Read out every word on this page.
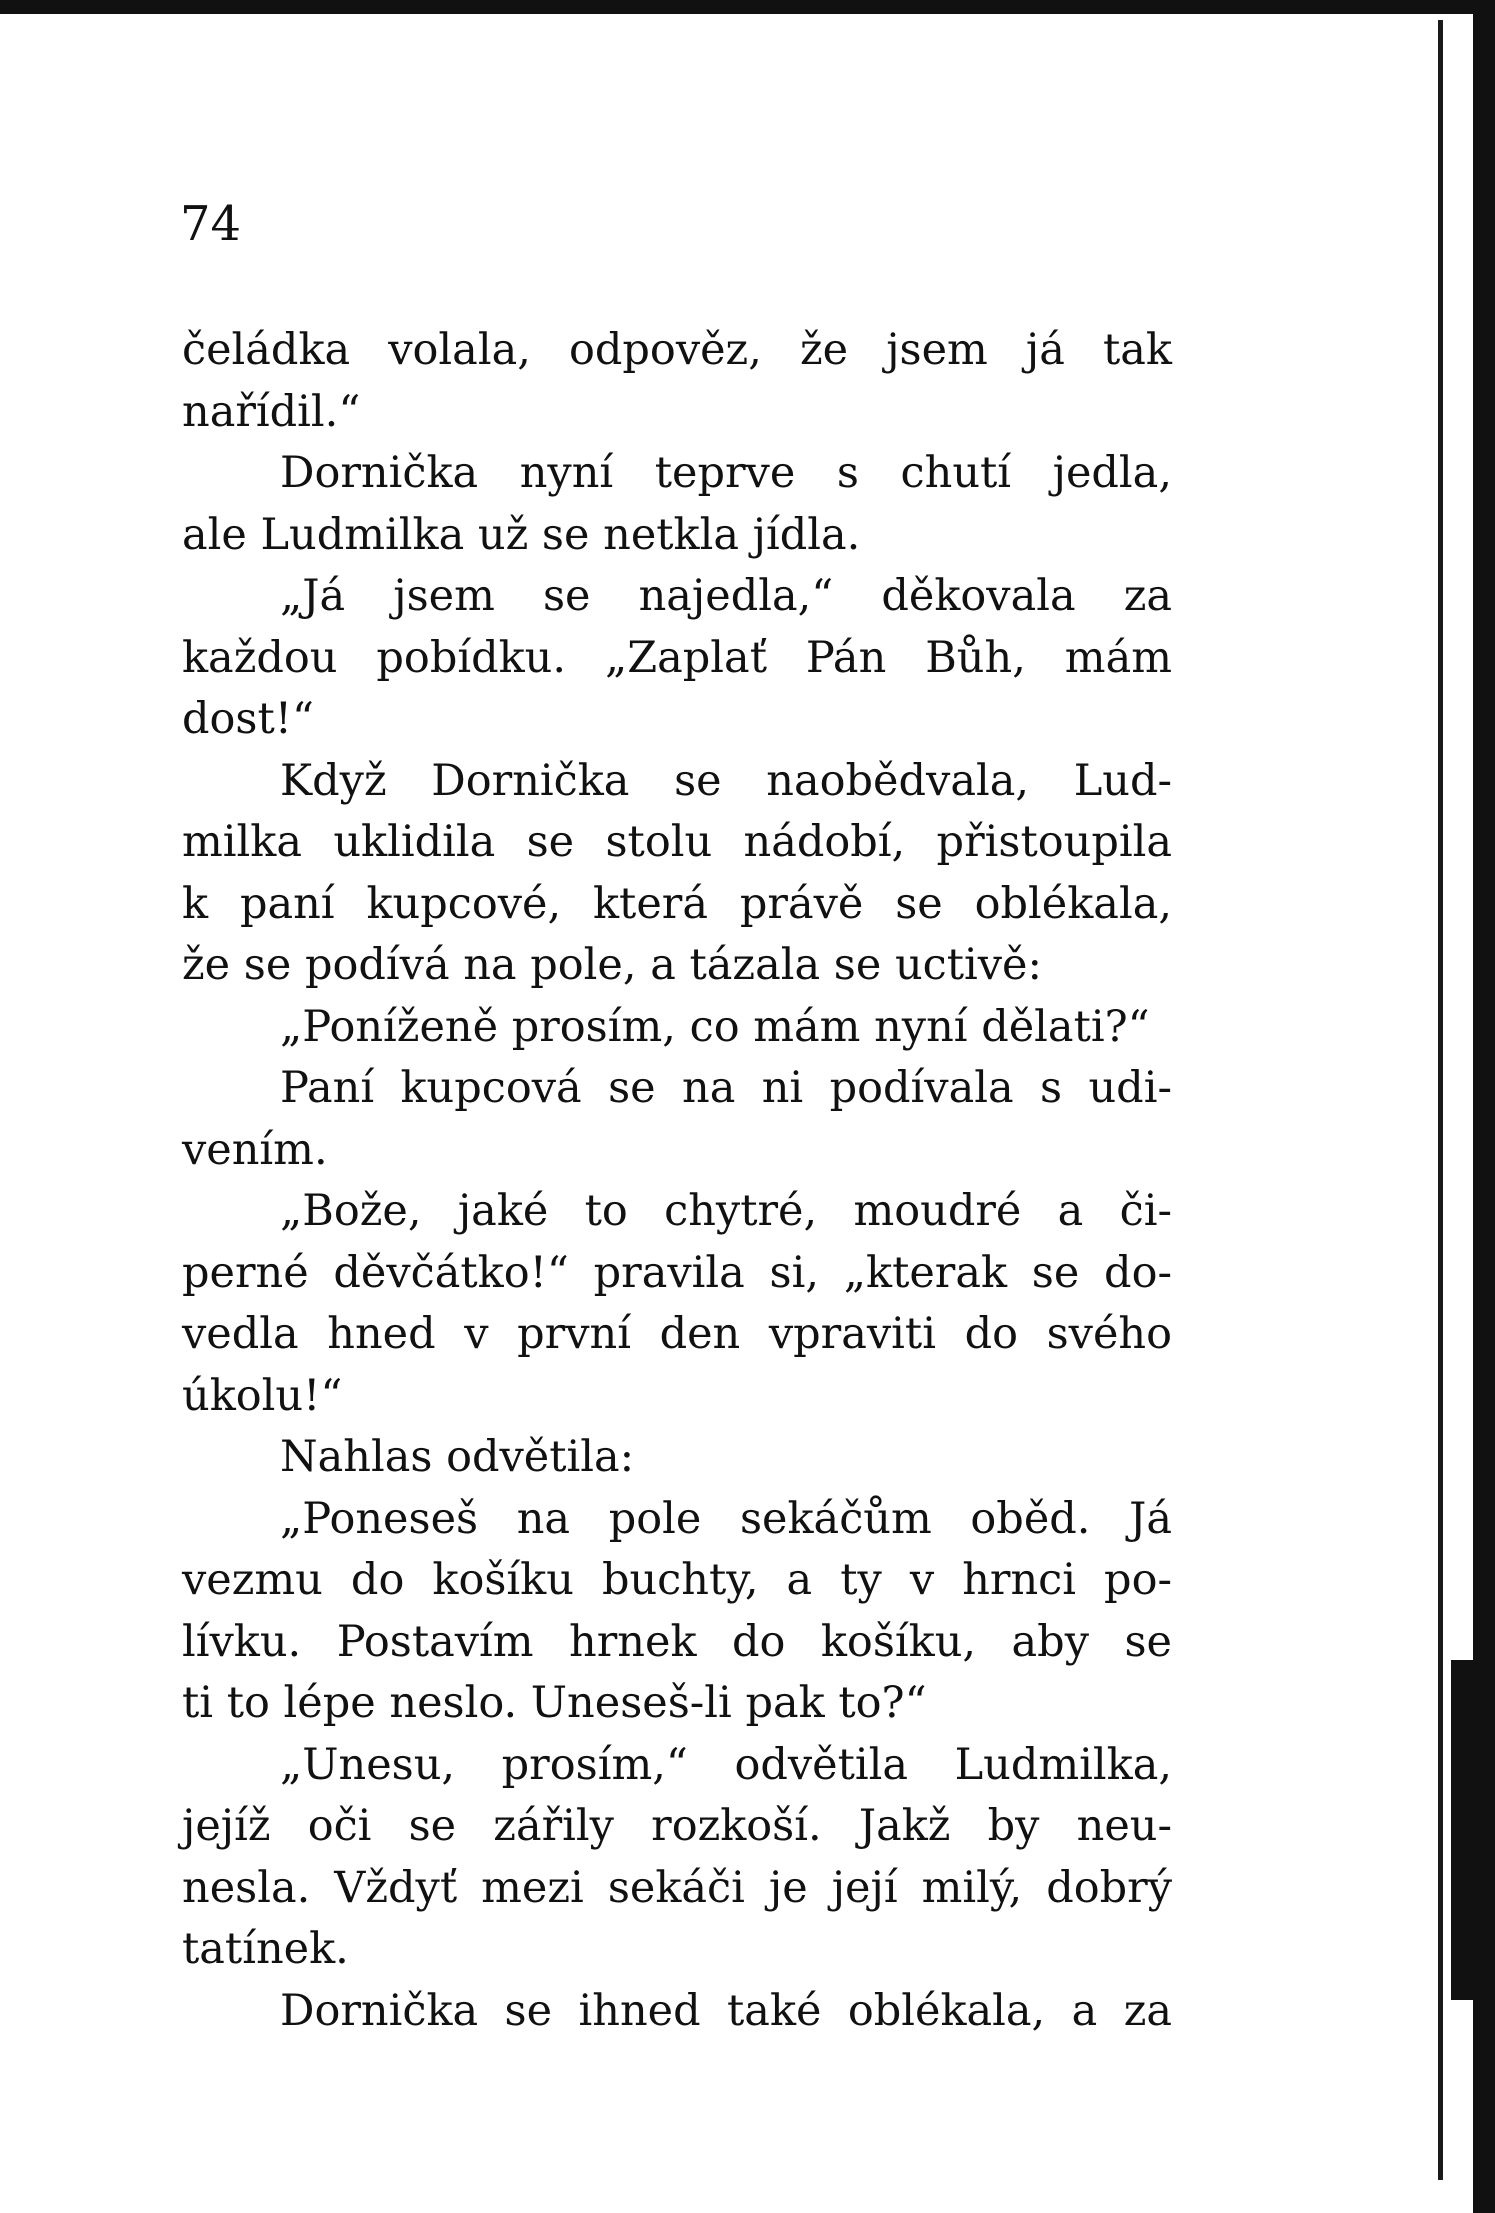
74
čeládka volala, odpověz, že jsem já tak
nařídil.“
Dornička nyní teprve s chutí jedla,
ale Ludmilka už se netkla jídla.
„Já jsem se najedla,“ děkovala za
každou pobídku. „Zaplať Pán Bůh, mám
dost!“
Když Dornička se naobědvala, Lud-
milka uklidila se stolu nádobí, přistoupila
k paní kupcové, která právě se oblékala,
že se podívá na pole, a tázala se uctivě:
„Poníženě prosím, co mám nyní dělati?“
Paní kupcová se na ni podívala s udi-
vením.
„Bože, jaké to chytré, moudré a či-
perné děvčátko!“ pravila si, „kterak se do-
vedla hned v první den vpraviti do svého
úkolu!“
Nahlas odvětila:
„Poneseš na pole sekáčům oběd. Já
vezmu do košíku buchty, a ty v hrnci po-
lívku. Postavím hrnek do košíku, aby se
ti to lépe neslo. Uneseš-li pak to?“
„Unesu, prosím,“ odvětila Ludmilka,
jejíž oči se zářily rozkoší. Jakž by neu-
nesla. Vždyť mezi sekáči je její milý, dobrý
tatínek.
Dornička se ihned také oblékala, a za
